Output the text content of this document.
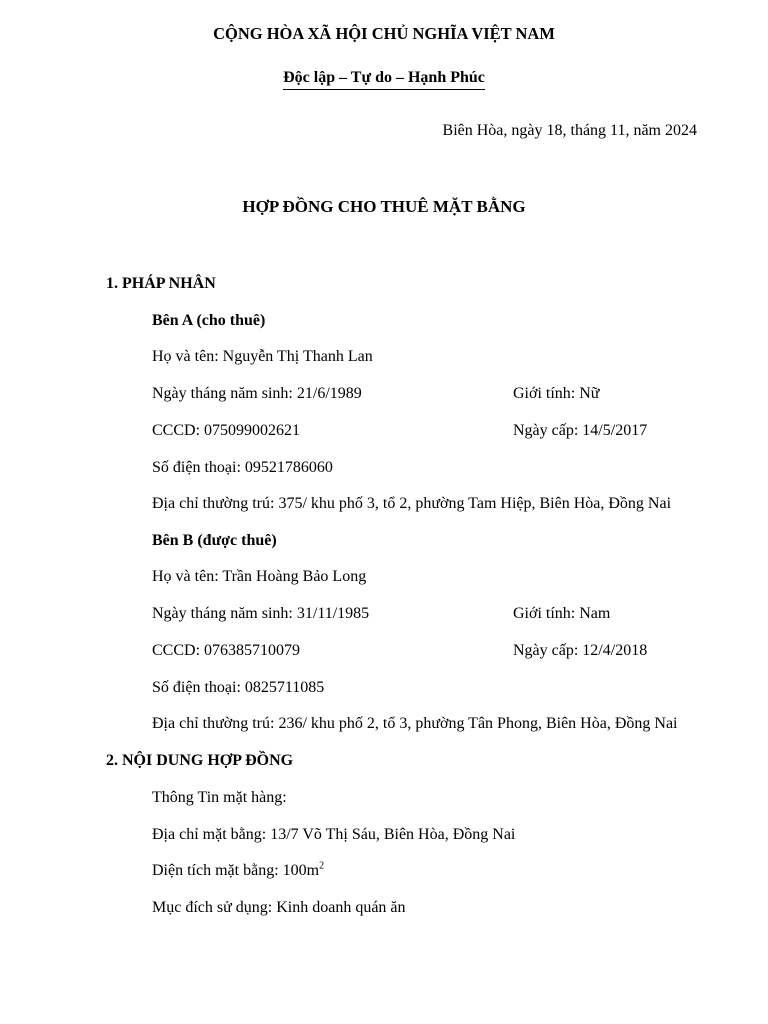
CỘNG HÒA XÃ HỘI CHỦ NGHĨA VIỆT NAM
Độc lập – Tự do – Hạnh Phúc
Biên Hòa, ngày 18, tháng 11, năm 2024
HỢP ĐỒNG CHO THUÊ MẶT BẰNG
1. PHÁP NHÂN
Bên A (cho thuê)
Họ và tên: Nguyễn Thị Thanh Lan
Ngày tháng năm sinh: 21/6/1989	Giới tính: Nữ
CCCD: 075099002621	Ngày cấp: 14/5/2017
Số điện thoại: 09521786060
Địa chỉ thường trú: 375/ khu phố 3, tổ 2, phường Tam Hiệp, Biên Hòa, Đồng Nai
Bên B (được thuê)
Họ và tên: Trần Hoàng Bảo Long
Ngày tháng năm sinh: 31/11/1985	Giới tính: Nam
CCCD: 076385710079	Ngày cấp: 12/4/2018
Số điện thoại: 0825711085
Địa chỉ thường trú: 236/ khu phố 2, tổ 3, phường Tân Phong, Biên Hòa, Đồng Nai
2. NỘI DUNG HỢP ĐỒNG
Thông Tin mặt hàng:
Địa chỉ mặt bằng: 13/7 Võ Thị Sáu, Biên Hòa, Đồng Nai
Diện tích mặt bằng: $100m^2$
Mục đích sử dụng: Kinh doanh quán ăn
